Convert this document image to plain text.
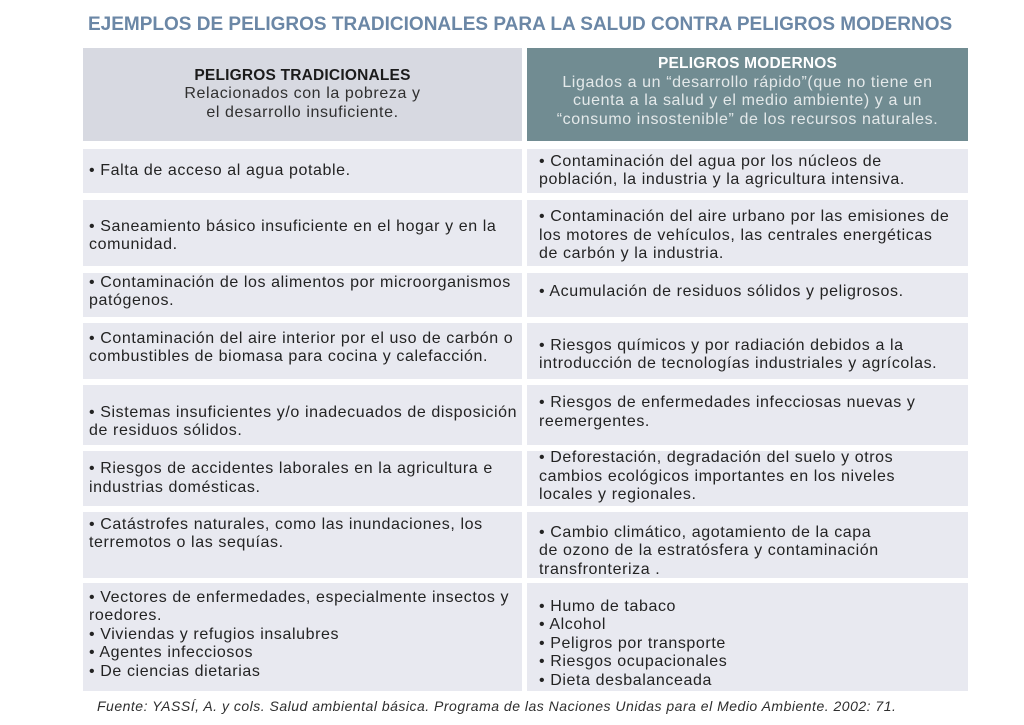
EJEMPLOS DE PELIGROS TRADICIONALES PARA LA SALUD CONTRA PELIGROS MODERNOS
PELIGROS TRADICIONALES
Relacionados con la pobreza y
el desarrollo insuficiente.
PELIGROS MODERNOS
Ligados a un “desarrollo rápido”(que no tiene en
cuenta a la salud y el medio ambiente) y a un
“consumo insostenible” de los recursos naturales.
• Falta de acceso al agua potable.
• Contaminación del agua por los núcleos de
población, la industria y la agricultura intensiva.
• Saneamiento básico insuficiente en el hogar y en la
comunidad.
• Contaminación del aire urbano por las emisiones de
los motores de vehículos, las centrales energéticas
de carbón y la industria.
• Contaminación de los alimentos por microorganismos
patógenos.
• Acumulación de residuos sólidos y peligrosos.
• Contaminación del aire interior por el uso de carbón o
combustibles de biomasa para cocina y calefacción.
• Riesgos químicos y por radiación debidos a la
introducción de tecnologías industriales y agrícolas.
• Sistemas insuficientes y/o inadecuados de disposición
de residuos sólidos.
• Riesgos de enfermedades infecciosas nuevas y
reemergentes.
• Riesgos de accidentes laborales en la agricultura e
industrias domésticas.
• Deforestación, degradación del suelo y otros
cambios ecológicos importantes en los niveles
locales y regionales.
• Catástrofes naturales, como las inundaciones, los
terremotos o las sequías.
• Cambio climático, agotamiento de la capa
de ozono de la estratósfera y contaminación
transfronteriza .
• Vectores de enfermedades, especialmente insectos y
roedores.
• Viviendas y refugios insalubres
• Agentes infecciosos
• De ciencias dietarias
• Humo de tabaco
• Alcohol
• Peligros por transporte
• Riesgos ocupacionales
• Dieta desbalanceada
Fuente: YASSÍ, A. y cols. Salud ambiental básica. Programa de las Naciones Unidas para el Medio Ambiente. 2002: 71.
